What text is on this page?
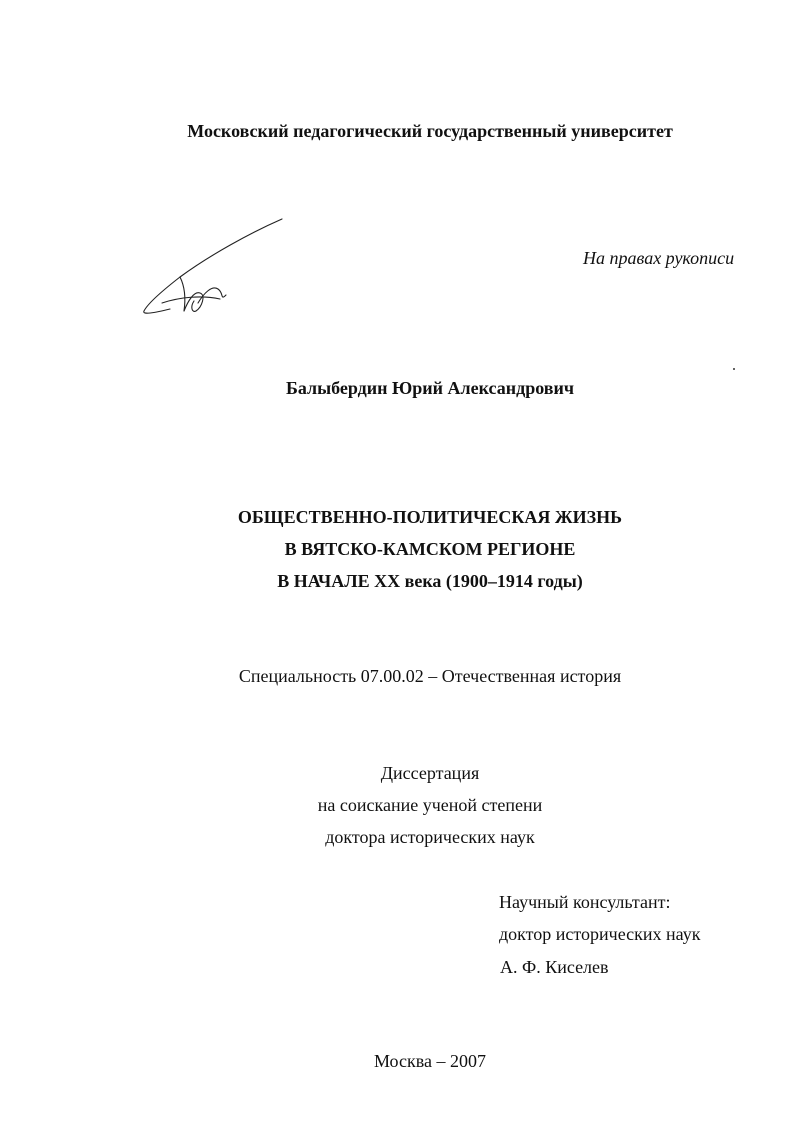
Московский педагогический государственный университет
На правах рукописи
Балыбердин Юрий Александрович
ОБЩЕСТВЕННО-ПОЛИТИЧЕСКАЯ ЖИЗНЬ
В ВЯТСКО-КАМСКОМ РЕГИОНЕ
В НАЧАЛЕ XX века (1900–1914 годы)
Специальность 07.00.02 – Отечественная история
Диссертация
на соискание ученой степени
доктора исторических наук
Научный консультант:
доктор исторических наук
А. Ф. Киселев
Москва – 2007
